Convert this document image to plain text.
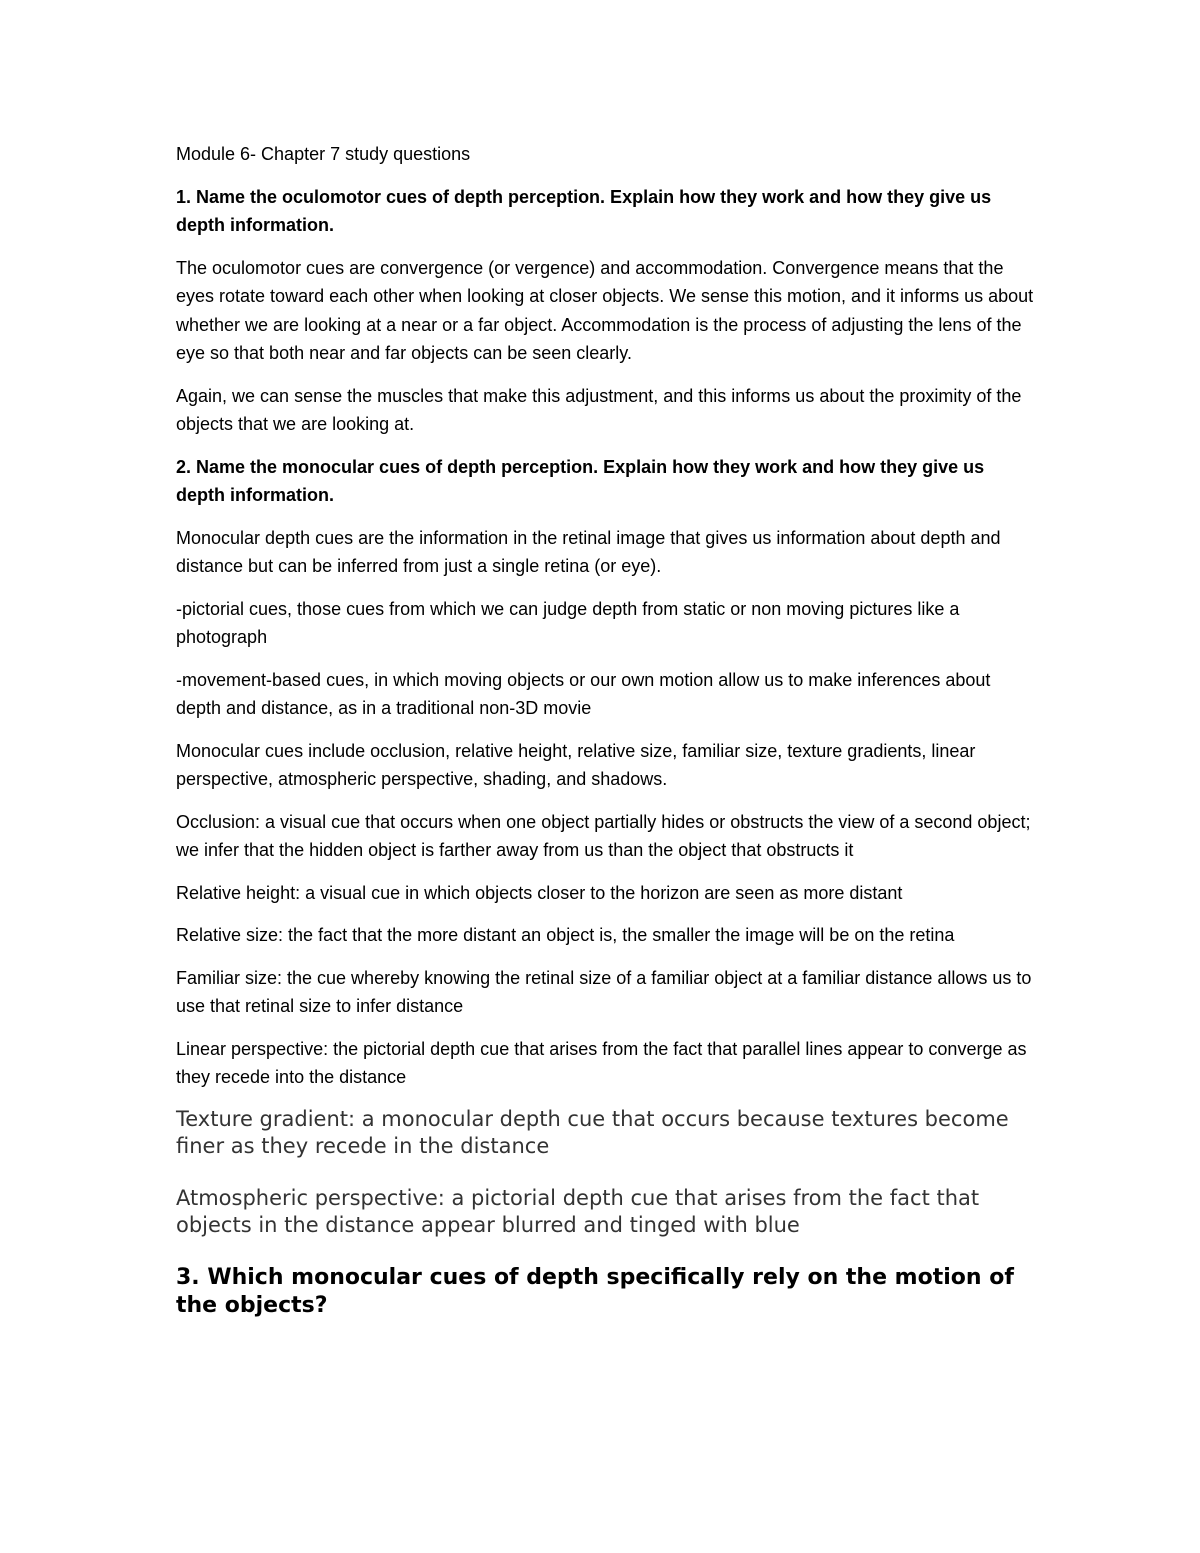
Module 6- Chapter 7 study questions

1. Name the oculomotor cues of depth perception. Explain how they work and how they give us depth information.

The oculomotor cues are convergence (or vergence) and accommodation. Convergence means that the eyes rotate toward each other when looking at closer objects. We sense this motion, and it informs us about whether we are looking at a near or a far object. Accommodation is the process of adjusting the lens of the eye so that both near and far objects can be seen clearly.

Again, we can sense the muscles that make this adjustment, and this informs us about the proximity of the objects that we are looking at.

2. Name the monocular cues of depth perception. Explain how they work and how they give us depth information.

Monocular depth cues are the information in the retinal image that gives us information about depth and distance but can be inferred from just a single retina (or eye).

-pictorial cues, those cues from which we can judge depth from static or non moving pictures like a photograph

-movement-based cues, in which moving objects or our own motion allow us to make inferences about depth and distance, as in a traditional non-3D movie

Monocular cues include occlusion, relative height, relative size, familiar size, texture gradients, linear perspective, atmospheric perspective, shading, and shadows.

Occlusion: a visual cue that occurs when one object partially hides or obstructs the view of a second object; we infer that the hidden object is farther away from us than the object that obstructs it

Relative height: a visual cue in which objects closer to the horizon are seen as more distant

Relative size: the fact that the more distant an object is, the smaller the image will be on the retina

Familiar size: the cue whereby knowing the retinal size of a familiar object at a familiar distance allows us to use that retinal size to infer distance

Linear perspective: the pictorial depth cue that arises from the fact that parallel lines appear to converge as they recede into the distance

Texture gradient: a monocular depth cue that occurs because textures become finer as they recede in the distance

Atmospheric perspective: a pictorial depth cue that arises from the fact that objects in the distance appear blurred and tinged with blue

3. Which monocular cues of depth specifically rely on the motion of the objects?
